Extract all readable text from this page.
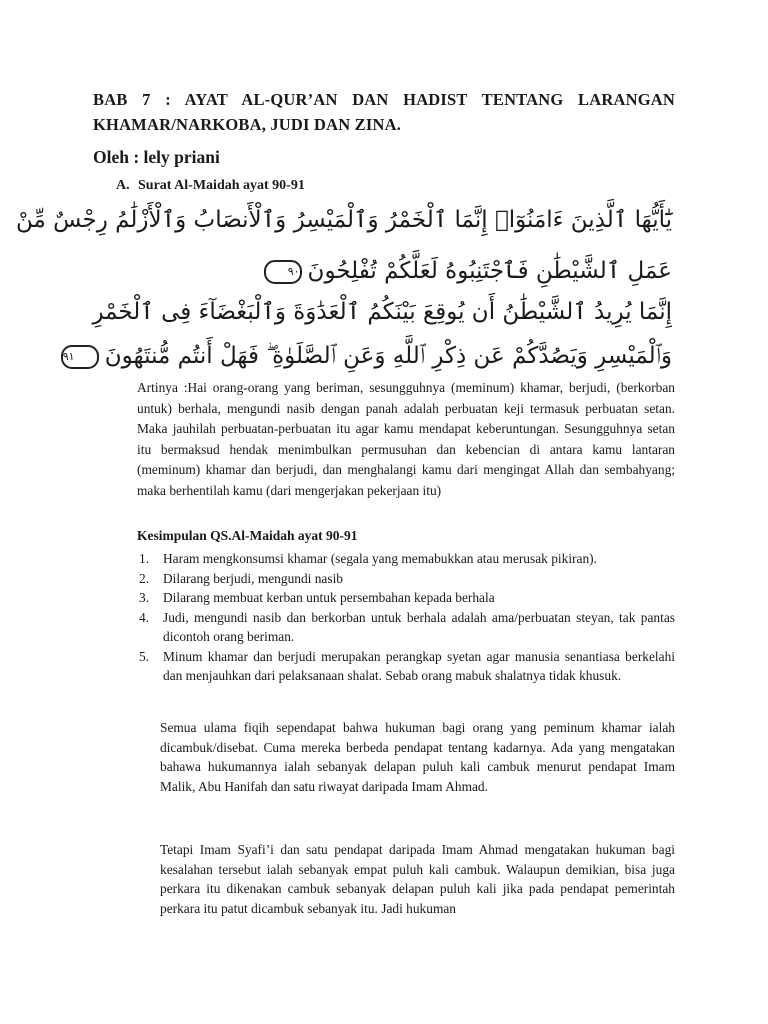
BAB 7 : AYAT AL-QUR’AN DAN HADIST TENTANG LARANGAN KHAMAR/NARKOBA, JUDI DAN ZINA.
Oleh : lely priani
A. Surat Al-Maidah ayat 90-91
يَٰٓأَيُّهَا ٱلَّذِينَ ءَامَنُوٓا۟ إِنَّمَا ٱلْخَمْرُ وَٱلْمَيْسِرُ وَٱلْأَنصَابُ وَٱلْأَزْلَٰمُ رِجْسٌ مِّنْ
عَمَلِ ٱلشَّيْطَٰنِ فَٱجْتَنِبُوهُ لَعَلَّكُمْ تُفْلِحُونَ٩٠
إِنَّمَا يُرِيدُ ٱلشَّيْطَٰنُ أَن يُوقِعَ بَيْنَكُمُ ٱلْعَدَٰوَةَ وَٱلْبَغْضَآءَ فِى ٱلْخَمْرِ
وَٱلْمَيْسِرِ وَيَصُدَّكُمْ عَن ذِكْرِ ٱللَّهِ وَعَنِ ٱلصَّلَوٰةِ ۖ فَهَلْ أَنتُم مُّنتَهُونَ٩١
Artinya :Hai orang-orang yang beriman, sesungguhnya (meminum) khamar, berjudi, (berkorban untuk) berhala, mengundi nasib dengan panah adalah perbuatan keji termasuk perbuatan setan. Maka jauhilah perbuatan-perbuatan itu agar kamu mendapat keberuntungan. Sesungguhnya setan itu bermaksud hendak menimbulkan permusuhan dan kebencian di antara kamu lantaran (meminum) khamar dan berjudi, dan menghalangi kamu dari mengingat Allah dan sembahyang; maka berhentilah kamu (dari mengerjakan pekerjaan itu)
Kesimpulan QS.Al-Maidah ayat 90-91
1. Haram mengkonsumsi khamar (segala yang memabukkan atau merusak pikiran).
2. Dilarang berjudi, mengundi nasib
3. Dilarang membuat kerban untuk persembahan kepada berhala
4. Judi, mengundi nasib dan berkorban untuk berhala adalah ama/perbuatan steyan, tak pantas dicontoh orang beriman.
5. Minum khamar dan berjudi merupakan perangkap syetan agar manusia senantiasa berkelahi dan menjauhkan dari pelaksanaan shalat. Sebab orang mabuk shalatnya tidak khusuk.
Semua ulama fiqih sependapat bahwa hukuman bagi orang yang peminum khamar ialah dicambuk/disebat. Cuma mereka berbeda pendapat tentang kadarnya. Ada yang mengatakan bahawa hukumannya ialah sebanyak delapan puluh kali cambuk menurut pendapat Imam Malik, Abu Hanifah dan satu riwayat daripada Imam Ahmad.
Tetapi Imam Syafi’i dan satu pendapat daripada Imam Ahmad mengatakan hukuman bagi kesalahan tersebut ialah sebanyak empat puluh kali cambuk. Walaupun demikian, bisa juga perkara itu dikenakan cambuk sebanyak delapan puluh kali jika pada pendapat pemerintah perkara itu patut dicambuk sebanyak itu. Jadi hukuman
